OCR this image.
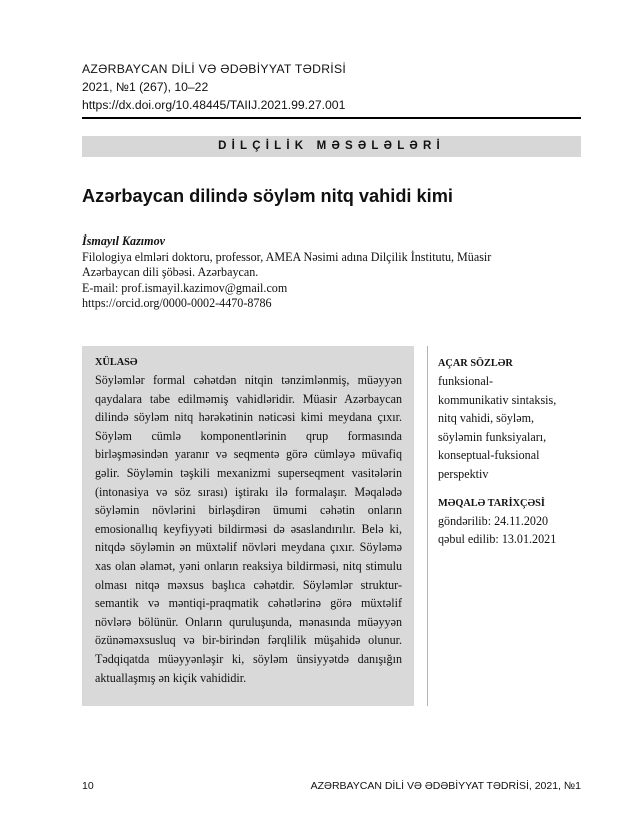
AZƏRBAYCAN DİLİ VƏ ƏDƏBİYYAT TƏDRİSİ
2021, №1 (267), 10–22
https://dx.doi.org/10.48445/TAIIJ.2021.99.27.001
DİLÇİLİK MƏSƏLƏLƏRİ
Azərbaycan dilində söyləm nitq vahidi kimi
İsmayıl Kazımov
Filologiya elmləri doktoru, professor, AMEA Nəsimi adına Dilçilik İnstitutu, Müasir
Azərbaycan dili şöbəsi. Azərbaycan.
E-mail: prof.ismayil.kazimov@gmail.com
https://orcid.org/0000-0002-4470-8786
XÜLASƏ

Söyləmlər formal cəhətdən nitqin tənzimlənmiş, müəyyən qaydalara tabe edilməmiş vahidləridir. Müasir Azərbaycan dilində söyləm nitq hərəkətinin nəticəsi kimi meydana çıxır. Söyləm cümlə komponentlərinin qrup formasında birləşməsindən yaranır və seqmentə görə cümləyə müvafiq gəlir. Söyləmin təşkili mexanizmi superseqment vasitələrin (intonasiya və söz sırası) iştirakı ilə formalaşır. Məqalədə söyləmin növlərini birləşdirən ümumi cəhətin onların emosionallıq keyfiyyəti bildirməsi də əsaslandırılır. Belə ki, nitqdə söyləmin ən müxtəlif növləri meydana çıxır. Söyləmə xas olan əlamət, yəni onların reaksiya bildirməsi, nitq stimulu olması nitqə məxsus başlıca cəhətdir. Söyləmlər struktur-semantik və məntiqi-praqmatik cəhətlərinə görə müxtəlif növlərə bölünür. Onların quruluşunda, mənasında müəyyən özünəməxsusluq və bir-birindən fərqlilik müşahidə olunur. Tədqiqatda müəyyənləşir ki, söyləm ünsiyyətdə danışığın aktuallaşmış ən kiçik vahididir.

AÇAR SÖZLƏR
funksional-
kommunikativ sintaksis,
nitq vahidi, söyləm,
söyləmin funksiyaları,
konseptual-fuksional
perspektiv
MƏQALƏ TARİXÇƏSİ
göndərilib: 24.11.2020
qəbul edilib: 13.01.2021
10	AZƏRBAYCAN DİLİ VƏ ƏDƏBİYYAT TƏDRİSİ, 2021, №1
